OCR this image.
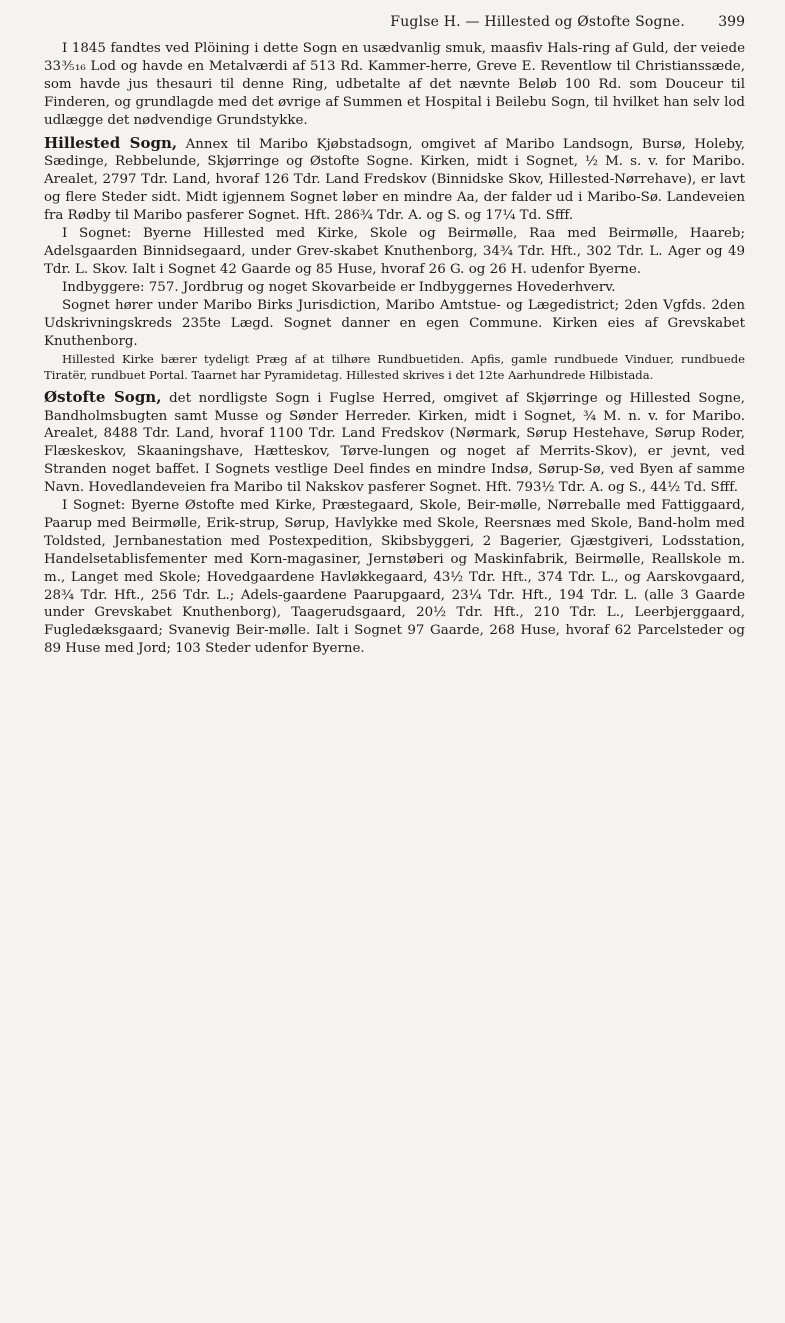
Fuglse H. — Hillested og Østofte Sogne.	399

I 1845 fandtes ved Plöining i dette Sogn en usædvanlig smuk, maasfiv Hals-ring af Guld, der veiede 33⅗₁₆ Lod og havde en Metalværdi af 513 Rd. Kammer-herre, Greve E. Reventlow til Christianssæde, som havde jus thesauri til denne Ring, udbetalte af det nævnte Beløb 100 Rd. som Douceur til Finderen, og grundlagde med det øvrige af Summen et Hospital i Beilebu Sogn, til hvilket han selv lod udlægge det nødvendige Grundstykke.

Hillested Sogn, Annex til Maribo Kjøbstadsogn, omgivet af Maribo Landsogn, Bursø, Holeby, Sædinge, Rebbelunde, Skjørringe og Østofte Sogne. Kirken, midt i Sognet, ½ M. s. v. for Maribo. Arealet, 2797 Tdr. Land, hvoraf 126 Tdr. Land Fredskov (Binnidske Skov, Hillested-Nørrehave), er lavt og flere Steder sidt. Midt igjennem Sognet løber en mindre Aa, der falder ud i Maribo-Sø. Landeveien fra Rødby til Maribo pasferer Sognet. Hft. 286¾ Tdr. A. og S. og 17¼ Td. Sfff.

I Sognet: Byerne Hillested med Kirke, Skole og Beirmølle, Raa med Beirmølle, Haareb; Adelsgaarden Binnidsegaard, under Grev-skabet Knuthenborg, 34¾ Tdr. Hft., 302 Tdr. L. Ager og 49 Tdr. L. Skov. Ialt i Sognet 42 Gaarde og 85 Huse, hvoraf 26 G. og 26 H. udenfor Byerne.

Indbyggere: 757. Jordbrug og noget Skovarbeide er Indbyggernes Hovederhverv.

Sognet hører under Maribo Birks Jurisdiction, Maribo Amtstue- og Lægedistrict; 2den Vgfds. 2den Udskrivningskreds 235te Lægd. Sognet danner en egen Commune. Kirken eies af Grevskabet Knuthenborg.

Hillested Kirke bærer tydeligt Præg af at tilhøre Rundbuetiden. Apfis, gamle rundbuede Vinduer, rundbuede Tiratër, rundbuet Portal. Taarnet har Pyramidetag. Hillested skrives i det 12te Aarhundrede Hilbistada.

Østofte Sogn, det nordligste Sogn i Fuglse Herred, omgivet af Skjørringe og Hillested Sogne, Bandholmsbugten samt Musse og Sønder Herreder. Kirken, midt i Sognet, ¾ M. n. v. for Maribo. Arealet, 8488 Tdr. Land, hvoraf 1100 Tdr. Land Fredskov (Nørmark, Sørup Hestehave, Sørup Roder, Flæskeskov, Skaaningshave, Hætteskov, Tørve-lungen og noget af Merrits-Skov), er jevnt, ved Stranden noget baffet. I Sognets vestlige Deel findes en mindre Indsø, Sørup-Sø, ved Byen af samme Navn. Hovedlandeveien fra Maribo til Nakskov pasferer Sognet. Hft. 793½ Tdr. A. og S., 44½ Td. Sfff.

I Sognet: Byerne Østofte med Kirke, Præstegaard, Skole, Beir-mølle, Nørreballe med Fattiggaard, Paarup med Beirmølle, Erik-strup, Sørup, Havlykke med Skole, Reersnæs med Skole, Band-holm med Toldsted, Jernbanestation med Postexpedition, Skibsbyggeri, 2 Bagerier, Gjæstgiveri, Lodsstation, Handelsetablisfementer med Korn-magasiner, Jernstøberi og Maskinfabrik, Beirmølle, Reallskole m. m., Langet med Skole; Hovedgaardene Havløkkegaard, 43½ Tdr. Hft., 374 Tdr. L., og Aarskovgaard, 28¾ Tdr. Hft., 256 Tdr. L.; Adels-gaardene Paarupgaard, 23¼ Tdr. Hft., 194 Tdr. L. (alle 3 Gaarde under Grevskabet Knuthenborg), Taagerudsgaard, 20½ Tdr. Hft., 210 Tdr. L., Leerbjerggaard, Fugledæksgaard; Svanevig Beir-mølle. Ialt i Sognet 97 Gaarde, 268 Huse, hvoraf 62 Parcelsteder og 89 Huse med Jord; 103 Steder udenfor Byerne.
